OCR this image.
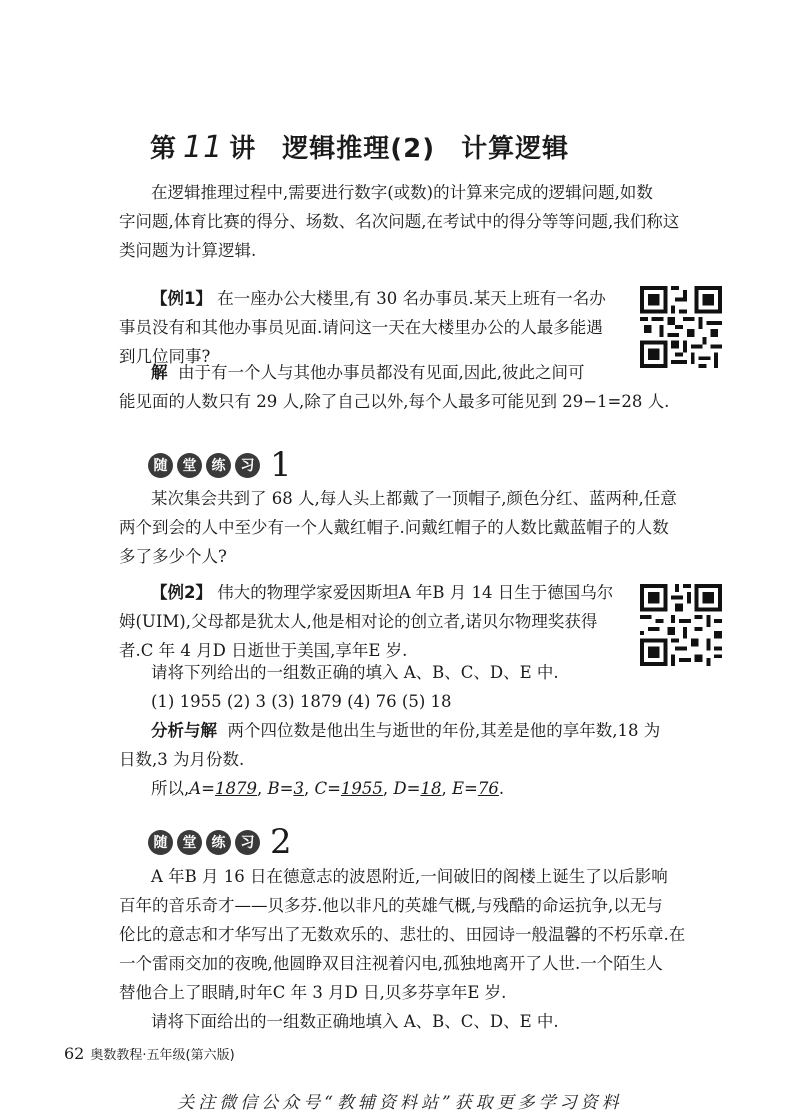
第 11 讲 逻辑推理(2) 计算逻辑
在逻辑推理过程中,需要进行数字(或数)的计算来完成的逻辑问题,如数
字问题,体育比赛的得分、场数、名次问题,在考试中的得分等等问题,我们称这
类问题为计算逻辑.
【例1】 在一座办公大楼里,有 30 名办事员.某天上班有一名办
事员没有和其他办事员见面.请问这一天在大楼里办公的人最多能遇
到几位同事?
解 由于有一个人与其他办事员都没有见面,因此,彼此之间可
能见面的人数只有 29 人,除了自己以外,每个人最多可能见到 29−1=28 人.
随	堂	练	习 1
某次集会共到了 68 人,每人头上都戴了一顶帽子,颜色分红、蓝两种,任意
两个到会的人中至少有一个人戴红帽子.问戴红帽子的人数比戴蓝帽子的人数
多了多少个人?
【例2】 伟大的物理学家爱因斯坦A 年B 月 14 日生于德国乌尔
姆(UIM),父母都是犹太人,他是相对论的创立者,诺贝尔物理奖获得
者.C 年 4 月D 日逝世于美国,享年E 岁.
请将下列给出的一组数正确的填入 A、B、C、D、E 中.
(1) 1955 (2) 3 (3) 1879 (4) 76 (5) 18
分析与解 两个四位数是他出生与逝世的年份,其差是他的享年数,18 为
日数,3 为月份数.
所以,A=1879, B=3, C=1955, D=18, E=76.
随	堂	练	习 2
A 年B 月 16 日在德意志的波恩附近,一间破旧的阁楼上诞生了以后影响
百年的音乐奇才——贝多芬.他以非凡的英雄气概,与残酷的命运抗争,以无与
伦比的意志和才华写出了无数欢乐的、悲壮的、田园诗一般温馨的不朽乐章.在
一个雷雨交加的夜晚,他圆睁双目注视着闪电,孤独地离开了人世.一个陌生人
替他合上了眼睛,时年C 年 3 月D 日,贝多芬享年E 岁.
请将下面给出的一组数正确地填入 A、B、C、D、E 中.
62 奥数教程·五年级(第六版)
关注微信公众号“教辅资料站”获取更多学习资料
